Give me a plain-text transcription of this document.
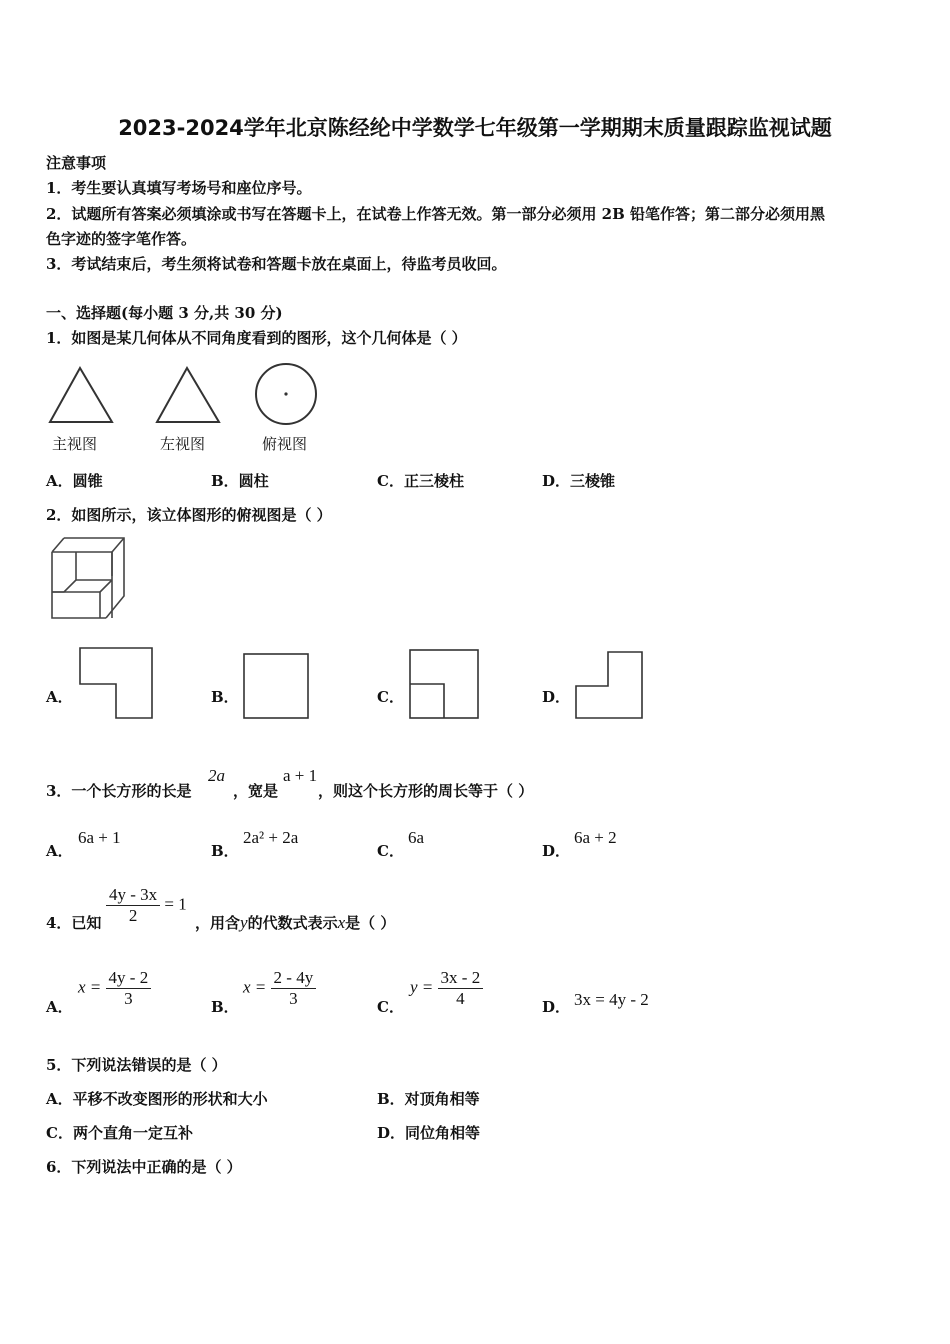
2023-2024学年北京陈经纶中学数学七年级第一学期期末质量跟踪监视试题
注意事项
1．考生要认真填写考场号和座位序号。
2．试题所有答案必须填涂或书写在答题卡上，在试卷上作答无效。第一部分必须用 2B 铅笔作答；第二部分必须用黑
色字迹的签字笔作答。
3．考试结束后，考生须将试卷和答题卡放在桌面上，待监考员收回。
一、选择题(每小题 3 分,共 30 分)
1．如图是某几何体从不同角度看到的图形，这个几何体是（ ）
主视图	左视图	俯视图
A．圆锥	B．圆柱	C．正三棱柱	D．三棱锥
2．如图所示，该立体图形的俯视图是（ ）
A．	B．	C．	D．
3．一个长方形的长是
2a
，宽是
a + 1
，则这个长方形的周长等于（ ）
A．
6a + 1
B．
2a² + 2a
C．
6a
D．
6a + 2
4．已知 $\frac{4y - 3x}{2} = 1$
，用含y的代数式表示x是（ ）
A．
$x = \frac{4y - 2}{3}$	B．
$x = \frac{2 - 4y}{3}$	C．
$y = \frac{3x - 2}{4}$	D． 3x = 4y - 2
5．下列说法错误的是（ ）
A．平移不改变图形的形状和大小	B．对顶角相等
C．两个直角一定互补	D．同位角相等
6．下列说法中正确的是（ ）
